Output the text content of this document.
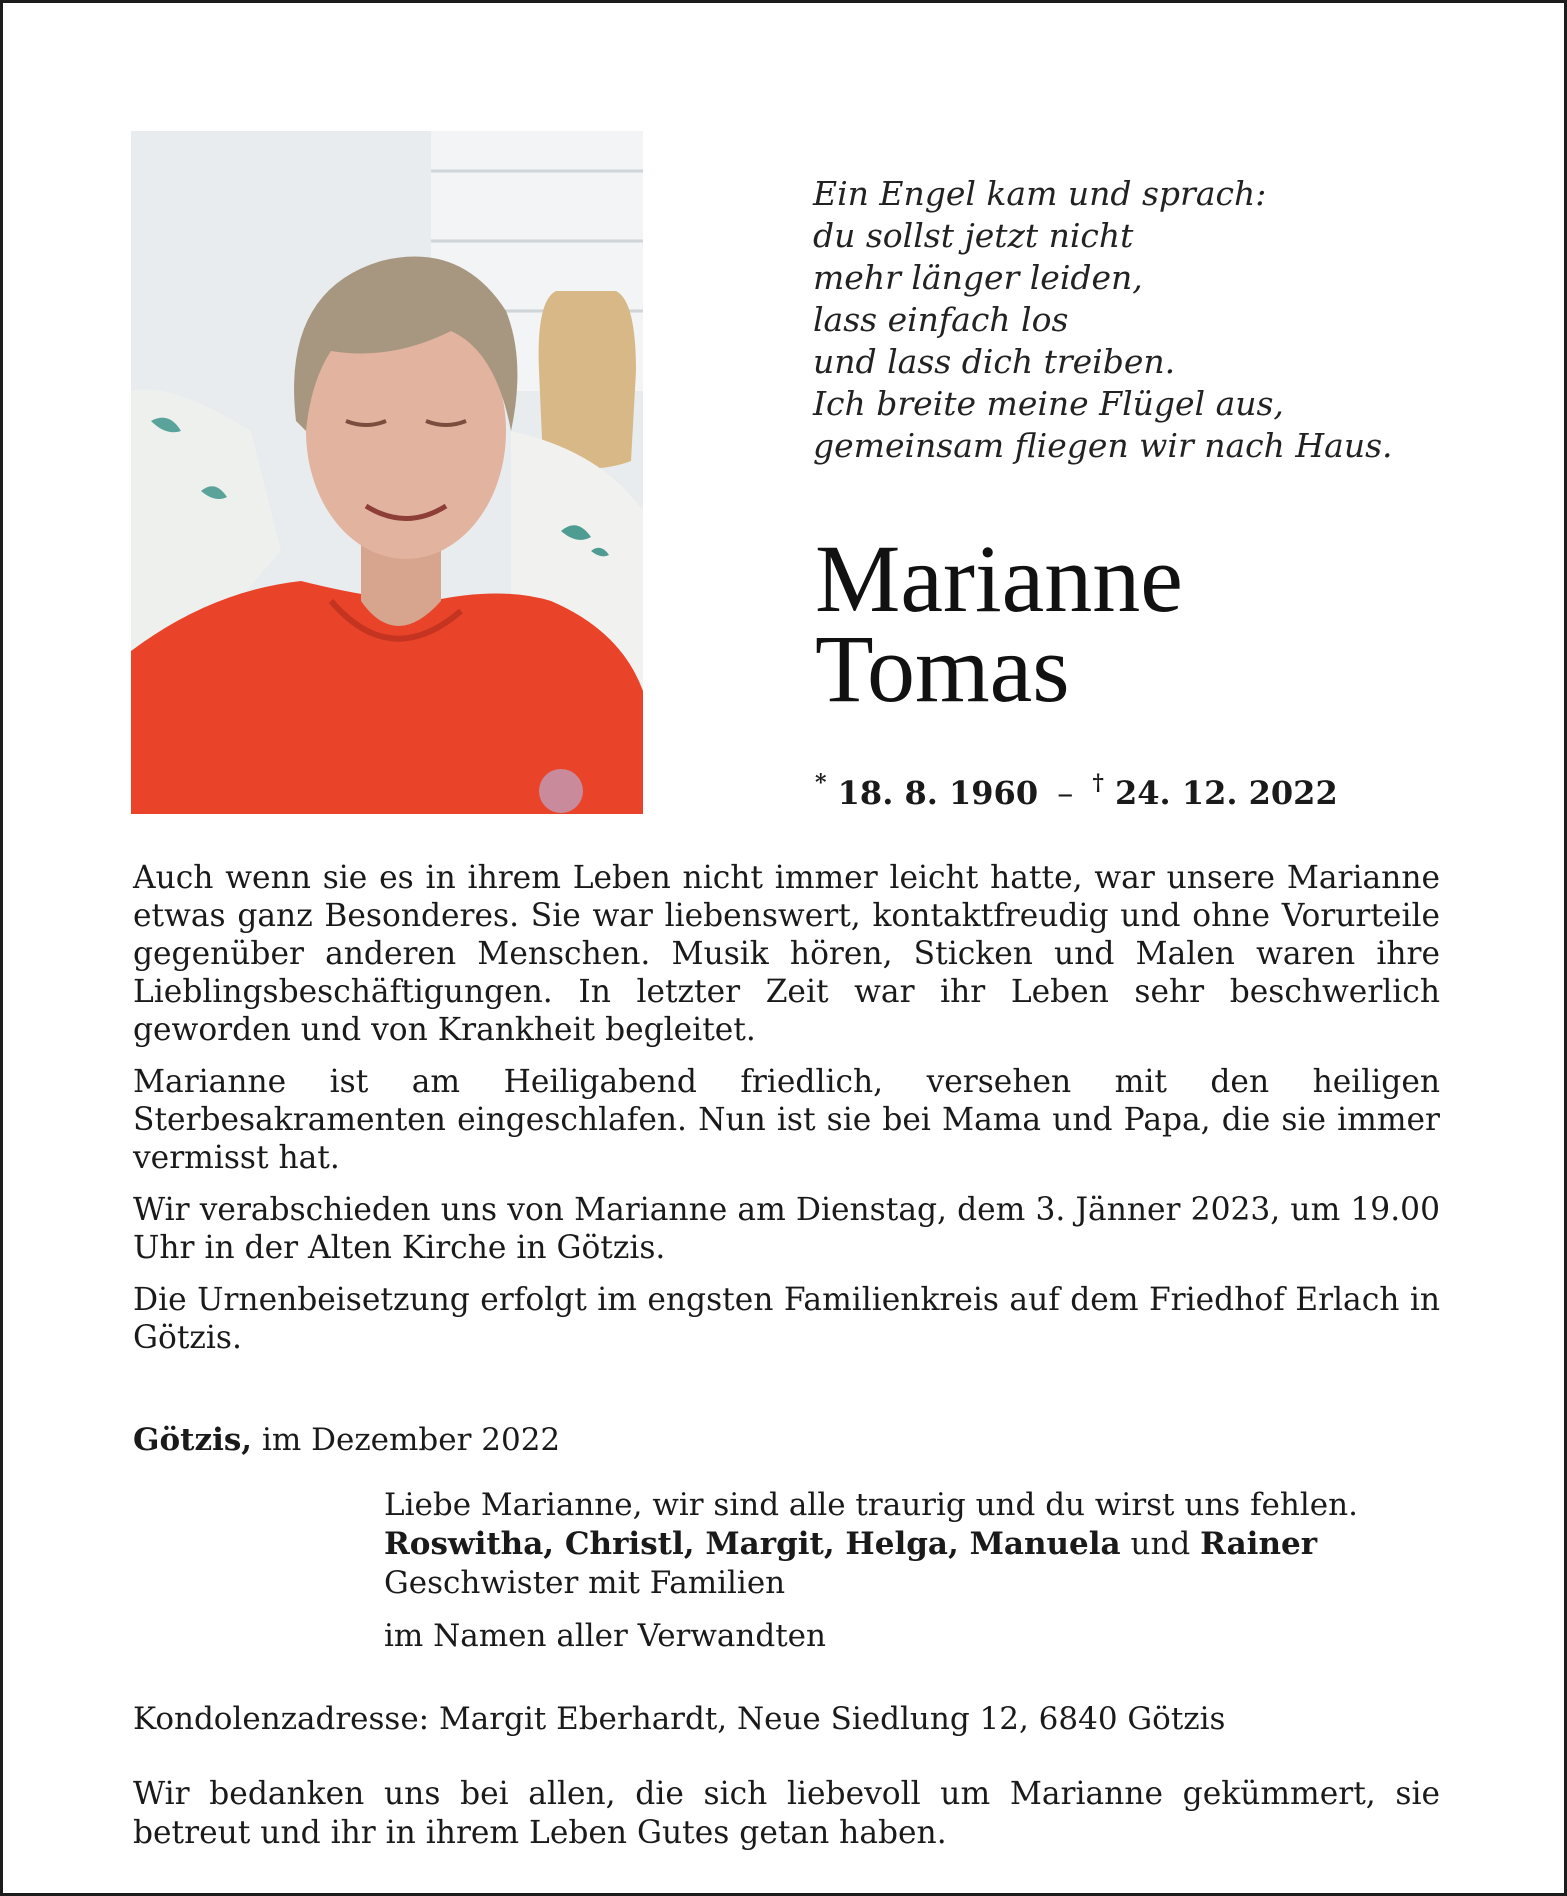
Ein Engel kam und sprach:
du sollst jetzt nicht
mehr länger leiden,
lass einfach los
und lass dich treiben.
Ich breite meine Flügel aus,
gemeinsam fliegen wir nach Haus.
Marianne
Tomas
* 18. 8. 1960 – † 24. 12. 2022

Auch wenn sie es in ihrem Leben nicht immer leicht hatte, war unsere Marianne etwas ganz Besonderes. Sie war liebenswert, kontaktfreudig und ohne Vorurteile gegenüber anderen Menschen. Musik hören, Sticken und Malen waren ihre Lieblingsbeschäftigungen. In letzter Zeit war ihr Leben sehr beschwerlich geworden und von Krankheit begleitet.

Marianne ist am Heiligabend friedlich, versehen mit den heiligen Sterbesakramenten eingeschlafen. Nun ist sie bei Mama und Papa, die sie immer vermisst hat.

Wir verabschieden uns von Marianne am Dienstag, dem 3. Jänner 2023, um 19.00 Uhr in der Alten Kirche in Götzis.

Die Urnenbeisetzung erfolgt im engsten Familienkreis auf dem Friedhof Erlach in Götzis.

Götzis, im Dezember 2022
Liebe Marianne, wir sind alle traurig und du wirst uns fehlen.
Roswitha, Christl, Margit, Helga, Manuela und Rainer
Geschwister mit Familien
im Namen aller Verwandten
Kondolenzadresse: Margit Eberhardt, Neue Siedlung 12, 6840 Götzis
Wir bedanken uns bei allen, die sich liebevoll um Marianne gekümmert, sie betreut und ihr in ihrem Leben Gutes getan haben.
